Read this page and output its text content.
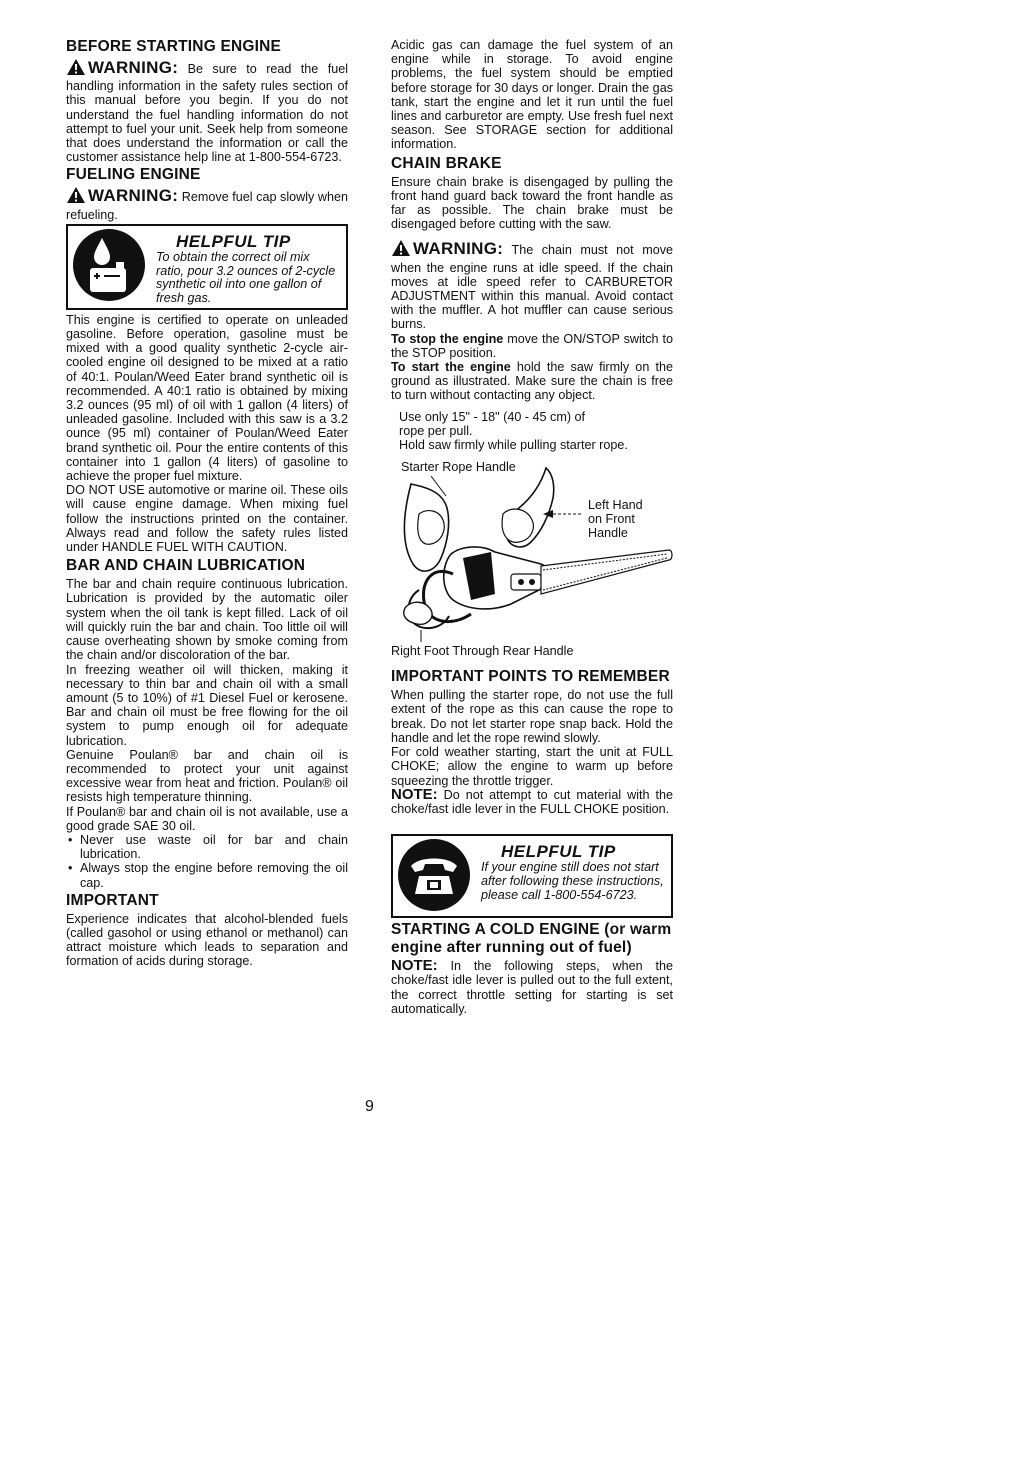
BEFORE STARTING ENGINE

WARNING: Be sure to read the fuel handling information in the safety rules section of this manual before you begin. If you do not understand the fuel handling information do not attempt to fuel your unit. Seek help from someone that does understand the information or call the customer assistance help line at 1-800-554-6723.

FUELING ENGINE

WARNING: Remove fuel cap slowly when refueling.

HELPFUL TIP
To obtain the correct oil mix ratio, pour 3.2 ounces of 2-cycle synthetic oil into one gallon of fresh gas.

This engine is certified to operate on unleaded gasoline. Before operation, gasoline must be mixed with a good quality synthetic 2-cycle air-cooled engine oil designed to be mixed at a ratio of 40:1. Poulan/Weed Eater brand synthetic oil is recommended. A 40:1 ratio is obtained by mixing 3.2 ounces (95 ml) of oil with 1 gallon (4 liters) of unleaded gasoline. Included with this saw is a 3.2 ounce (95 ml) container of Poulan/Weed Eater brand synthetic oil. Pour the entire contents of this container into 1 gallon (4 liters) of gasoline to achieve the proper fuel mixture.

DO NOT USE automotive or marine oil. These oils will cause engine damage. When mixing fuel follow the instructions printed on the container. Always read and follow the safety rules listed under HANDLE FUEL WITH CAUTION.

BAR AND CHAIN LUBRICATION

The bar and chain require continuous lubrication. Lubrication is provided by the automatic oiler system when the oil tank is kept filled. Lack of oil will quickly ruin the bar and chain. Too little oil will cause overheating shown by smoke coming from the chain and/or discoloration of the bar.

In freezing weather oil will thicken, making it necessary to thin bar and chain oil with a small amount (5 to 10%) of #1 Diesel Fuel or kerosene. Bar and chain oil must be free flowing for the oil system to pump enough oil for adequate lubrication.

Genuine Poulan® bar and chain oil is recommended to protect your unit against excessive wear from heat and friction. Poulan® oil resists high temperature thinning.

If Poulan® bar and chain oil is not available, use a good grade SAE 30 oil.

• Never use waste oil for bar and chain lubrication.
• Always stop the engine before removing the oil cap.
IMPORTANT

Experience indicates that alcohol-blended fuels (called gasohol or using ethanol or methanol) can attract moisture which leads to separation and formation of acids during storage.

Acidic gas can damage the fuel system of an engine while in storage. To avoid engine problems, the fuel system should be emptied before storage for 30 days or longer. Drain the gas tank, start the engine and let it run until the fuel lines and carburetor are empty. Use fresh fuel next season. See STORAGE section for additional information.

CHAIN BRAKE

Ensure chain brake is disengaged by pulling the front hand guard back toward the front handle as far as possible. The chain brake must be disengaged before cutting with the saw.

WARNING: The chain must not move when the engine runs at idle speed. If the chain moves at idle speed refer to CARBURETOR ADJUSTMENT within this manual. Avoid contact with the muffler. A hot muffler can cause serious burns.

To stop the engine move the ON/STOP switch to the STOP position.

To start the engine hold the saw firmly on the ground as illustrated. Make sure the chain is free to turn without contacting any object.

Use only 15" - 18" (40 - 45 cm) of
rope per pull.
Hold saw firmly while pulling starter rope.
Starter Rope Handle
Left Hand
on Front
Handle
Right Foot Through Rear Handle
IMPORTANT POINTS TO REMEMBER

When pulling the starter rope, do not use the full extent of the rope as this can cause the rope to break. Do not let starter rope snap back. Hold the handle and let the rope rewind slowly.

For cold weather starting, start the unit at FULL CHOKE; allow the engine to warm up before squeezing the throttle trigger.

NOTE: Do not attempt to cut material with the choke/fast idle lever in the FULL CHOKE position.

HELPFUL TIP
If your engine still does not start after following these instructions, please call 1-800-554-6723.
STARTING A COLD ENGINE (or warm engine after running out of fuel)

NOTE: In the following steps, when the choke/fast idle lever is pulled out to the full extent, the correct throttle setting for starting is set automatically.

9
